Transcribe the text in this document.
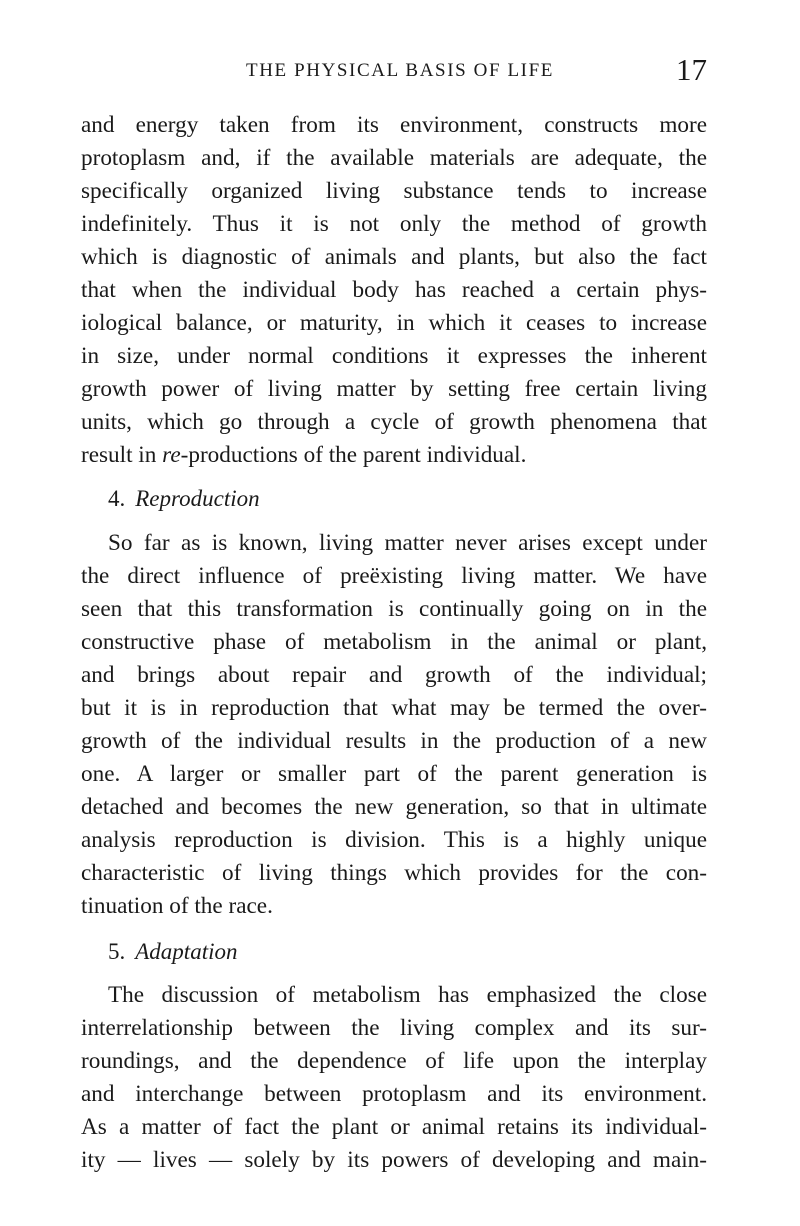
THE PHYSICAL BASIS OF LIFE	17
and energy taken from its environment, constructs more
protoplasm and, if the available materials are adequate, the
specifically organized living substance tends to increase
indefinitely. Thus it is not only the method of growth
which is diagnostic of animals and plants, but also the fact
that when the individual body has reached a certain phys-
iological balance, or maturity, in which it ceases to increase
in size, under normal conditions it expresses the inherent
growth power of living matter by setting free certain living
units, which go through a cycle of growth phenomena that
result in re-productions of the parent individual.
4. Reproduction
So far as is known, living matter never arises except under
the direct influence of preëxisting living matter. We have
seen that this transformation is continually going on in the
constructive phase of metabolism in the animal or plant,
and brings about repair and growth of the individual;
but it is in reproduction that what may be termed the over-
growth of the individual results in the production of a new
one. A larger or smaller part of the parent generation is
detached and becomes the new generation, so that in ultimate
analysis reproduction is division. This is a highly unique
characteristic of living things which provides for the con-
tinuation of the race.
5. Adaptation
The discussion of metabolism has emphasized the close
interrelationship between the living complex and its sur-
roundings, and the dependence of life upon the interplay
and interchange between protoplasm and its environment.
As a matter of fact the plant or animal retains its individual-
ity — lives — solely by its powers of developing and main-
